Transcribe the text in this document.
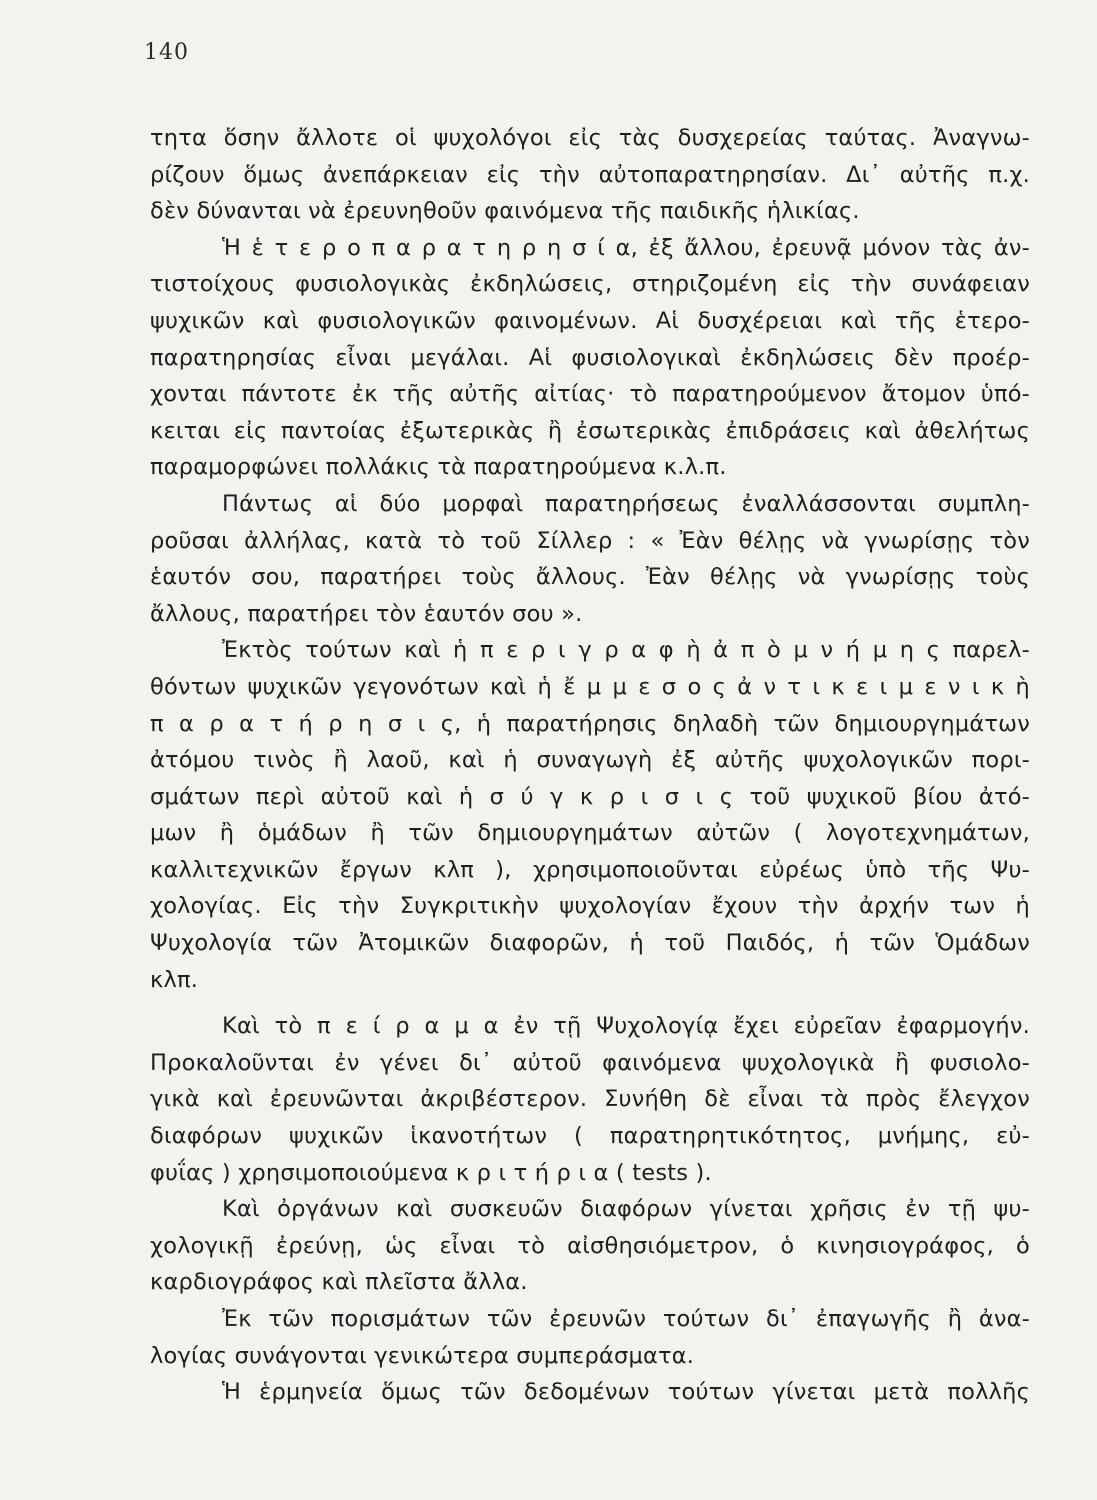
140
τητα ὅσην ἄλλοτε οἱ ψυχολόγοι εἰς τὰς δυσχερείας ταύτας. Ἀναγνω-
ρίζουν ὅμως ἀνεπάρκειαν εἰς τὴν αὐτοπαρατηρησίαν. Δι᾽ αὐτῆς π.χ.
δὲν δύνανται νὰ ἐρευνηθοῦν φαινόμενα τῆς παιδικῆς ἡλικίας.
Ἡ ἑ τ ε ρ ο π α ρ α τ η ρ η σ ί α, ἐξ ἄλλου, ἐρευνᾷ μόνον τὰς ἀν-
τιστοίχους φυσιολογικὰς ἐκδηλώσεις, στηριζομένη εἰς τὴν συνάφειαν
ψυχικῶν καὶ φυσιολογικῶν φαινομένων. Αἱ δυσχέρειαι καὶ τῆς ἑτερο-
παρατηρησίας εἶναι μεγάλαι. Αἱ φυσιολογικαὶ ἐκδηλώσεις δὲν προέρ-
χονται πάντοτε ἐκ τῆς αὐτῆς αἰτίας· τὸ παρατηρούμενον ἄτομον ὑπό-
κειται εἰς παντοίας ἐξωτερικὰς ἢ ἐσωτερικὰς ἐπιδράσεις καὶ ἀθελήτως
παραμορφώνει πολλάκις τὰ παρατηρούμενα κ.λ.π.
Πάντως αἱ δύο μορφαὶ παρατηρήσεως ἐναλλάσσονται συμπλη-
ροῦσαι ἀλλήλας, κατὰ τὸ τοῦ Σίλλερ : « Ἐὰν θέλῃς νὰ γνωρίσῃς τὸν
ἑαυτόν σου, παρατήρει τοὺς ἄλλους. Ἐὰν θέλῃς νὰ γνωρίσῃς τοὺς
ἄλλους, παρατήρει τὸν ἑαυτόν σου ».
Ἐκτὸς τούτων καὶ ἡ π ε ρ ι γ ρ α φ ὴ ἀ π ὸ μ ν ή μ η ς παρελ-
θόντων ψυχικῶν γεγονότων καὶ ἡ ἔ μ μ ε σ ο ς ἀ ν τ ι κ ε ι μ ε ν ι κ ὴ
π α ρ α τ ή ρ η σ ι ς, ἡ παρατήρησις δηλαδὴ τῶν δημιουργημάτων
ἀτόμου τινὸς ἢ λαοῦ, καὶ ἡ συναγωγὴ ἐξ αὐτῆς ψυχολογικῶν πορι-
σμάτων περὶ αὐτοῦ καὶ ἡ σ ύ γ κ ρ ι σ ι ς τοῦ ψυχικοῦ βίου ἀτό-
μων ἢ ὁμάδων ἢ τῶν δημιουργημάτων αὐτῶν ( λογοτεχνημάτων,
καλλιτεχνικῶν ἔργων κλπ ), χρησιμοποιοῦνται εὐρέως ὑπὸ τῆς Ψυ-
χολογίας. Εἰς τὴν Συγκριτικὴν ψυχολογίαν ἔχουν τὴν ἀρχήν των ἡ
Ψυχολογία τῶν Ἀτομικῶν διαφορῶν, ἡ τοῦ Παιδός, ἡ τῶν Ὁμάδων
κλπ.
Καὶ τὸ π ε ί ρ α μ α ἐν τῇ Ψυχολογίᾳ ἔχει εὐρεῖαν ἐφαρμογήν.
Προκαλοῦνται ἐν γένει δι᾽ αὐτοῦ φαινόμενα ψυχολογικὰ ἢ φυσιολο-
γικὰ καὶ ἐρευνῶνται ἀκριβέστερον. Συνήθη δὲ εἶναι τὰ πρὸς ἔλεγχον
διαφόρων ψυχικῶν ἱκανοτήτων ( παρατηρητικότητος, μνήμης, εὐ-
φυΐας ) χρησιμοποιούμενα κ ρ ι τ ή ρ ι α ( tests ).
Καὶ ὀργάνων καὶ συσκευῶν διαφόρων γίνεται χρῆσις ἐν τῇ ψυ-
χολογικῇ ἐρεύνῃ, ὡς εἶναι τὸ αἰσθησιόμετρον, ὁ κινησιογράφος, ὁ
καρδιογράφος καὶ πλεῖστα ἄλλα.
Ἐκ τῶν πορισμάτων τῶν ἐρευνῶν τούτων δι᾽ ἐπαγωγῆς ἢ ἀνα-
λογίας συνάγονται γενικώτερα συμπεράσματα.
Ἡ ἑρμηνεία ὅμως τῶν δεδομένων τούτων γίνεται μετὰ πολλῆς
